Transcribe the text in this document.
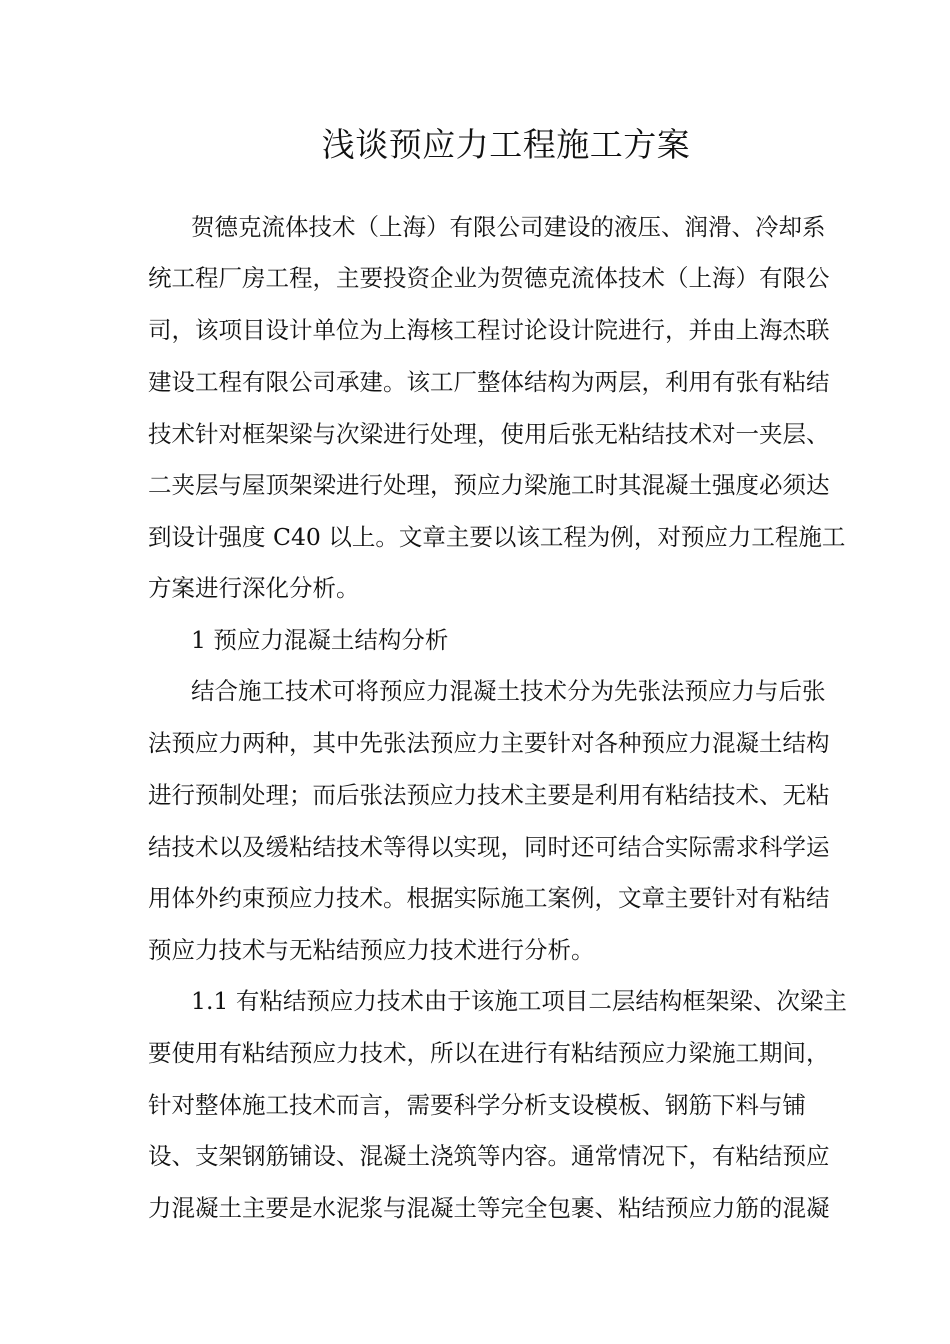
浅谈预应力工程施工方案
贺德克流体技术（上海）有限公司建设的液压、润滑、冷却系
统工程厂房工程，主要投资企业为贺德克流体技术（上海）有限公
司，该项目设计单位为上海核工程讨论设计院进行，并由上海杰联
建设工程有限公司承建。该工厂整体结构为两层，利用有张有粘结
技术针对框架梁与次梁进行处理，使用后张无粘结技术对一夹层、
二夹层与屋顶架梁进行处理，预应力梁施工时其混凝土强度必须达
到设计强度 C40 以上。文章主要以该工程为例，对预应力工程施工
方案进行深化分析。
1 预应力混凝土结构分析
结合施工技术可将预应力混凝土技术分为先张法预应力与后张
法预应力两种，其中先张法预应力主要针对各种预应力混凝土结构
进行预制处理；而后张法预应力技术主要是利用有粘结技术、无粘
结技术以及缓粘结技术等得以实现，同时还可结合实际需求科学运
用体外约束预应力技术。根据实际施工案例，文章主要针对有粘结
预应力技术与无粘结预应力技术进行分析。
1.1 有粘结预应力技术由于该施工项目二层结构框架梁、次梁主
要使用有粘结预应力技术，所以在进行有粘结预应力梁施工期间，
针对整体施工技术而言，需要科学分析支设模板、钢筋下料与铺
设、支架钢筋铺设、混凝土浇筑等内容。通常情况下，有粘结预应
力混凝土主要是水泥浆与混凝土等完全包裹、粘结预应力筋的混凝
